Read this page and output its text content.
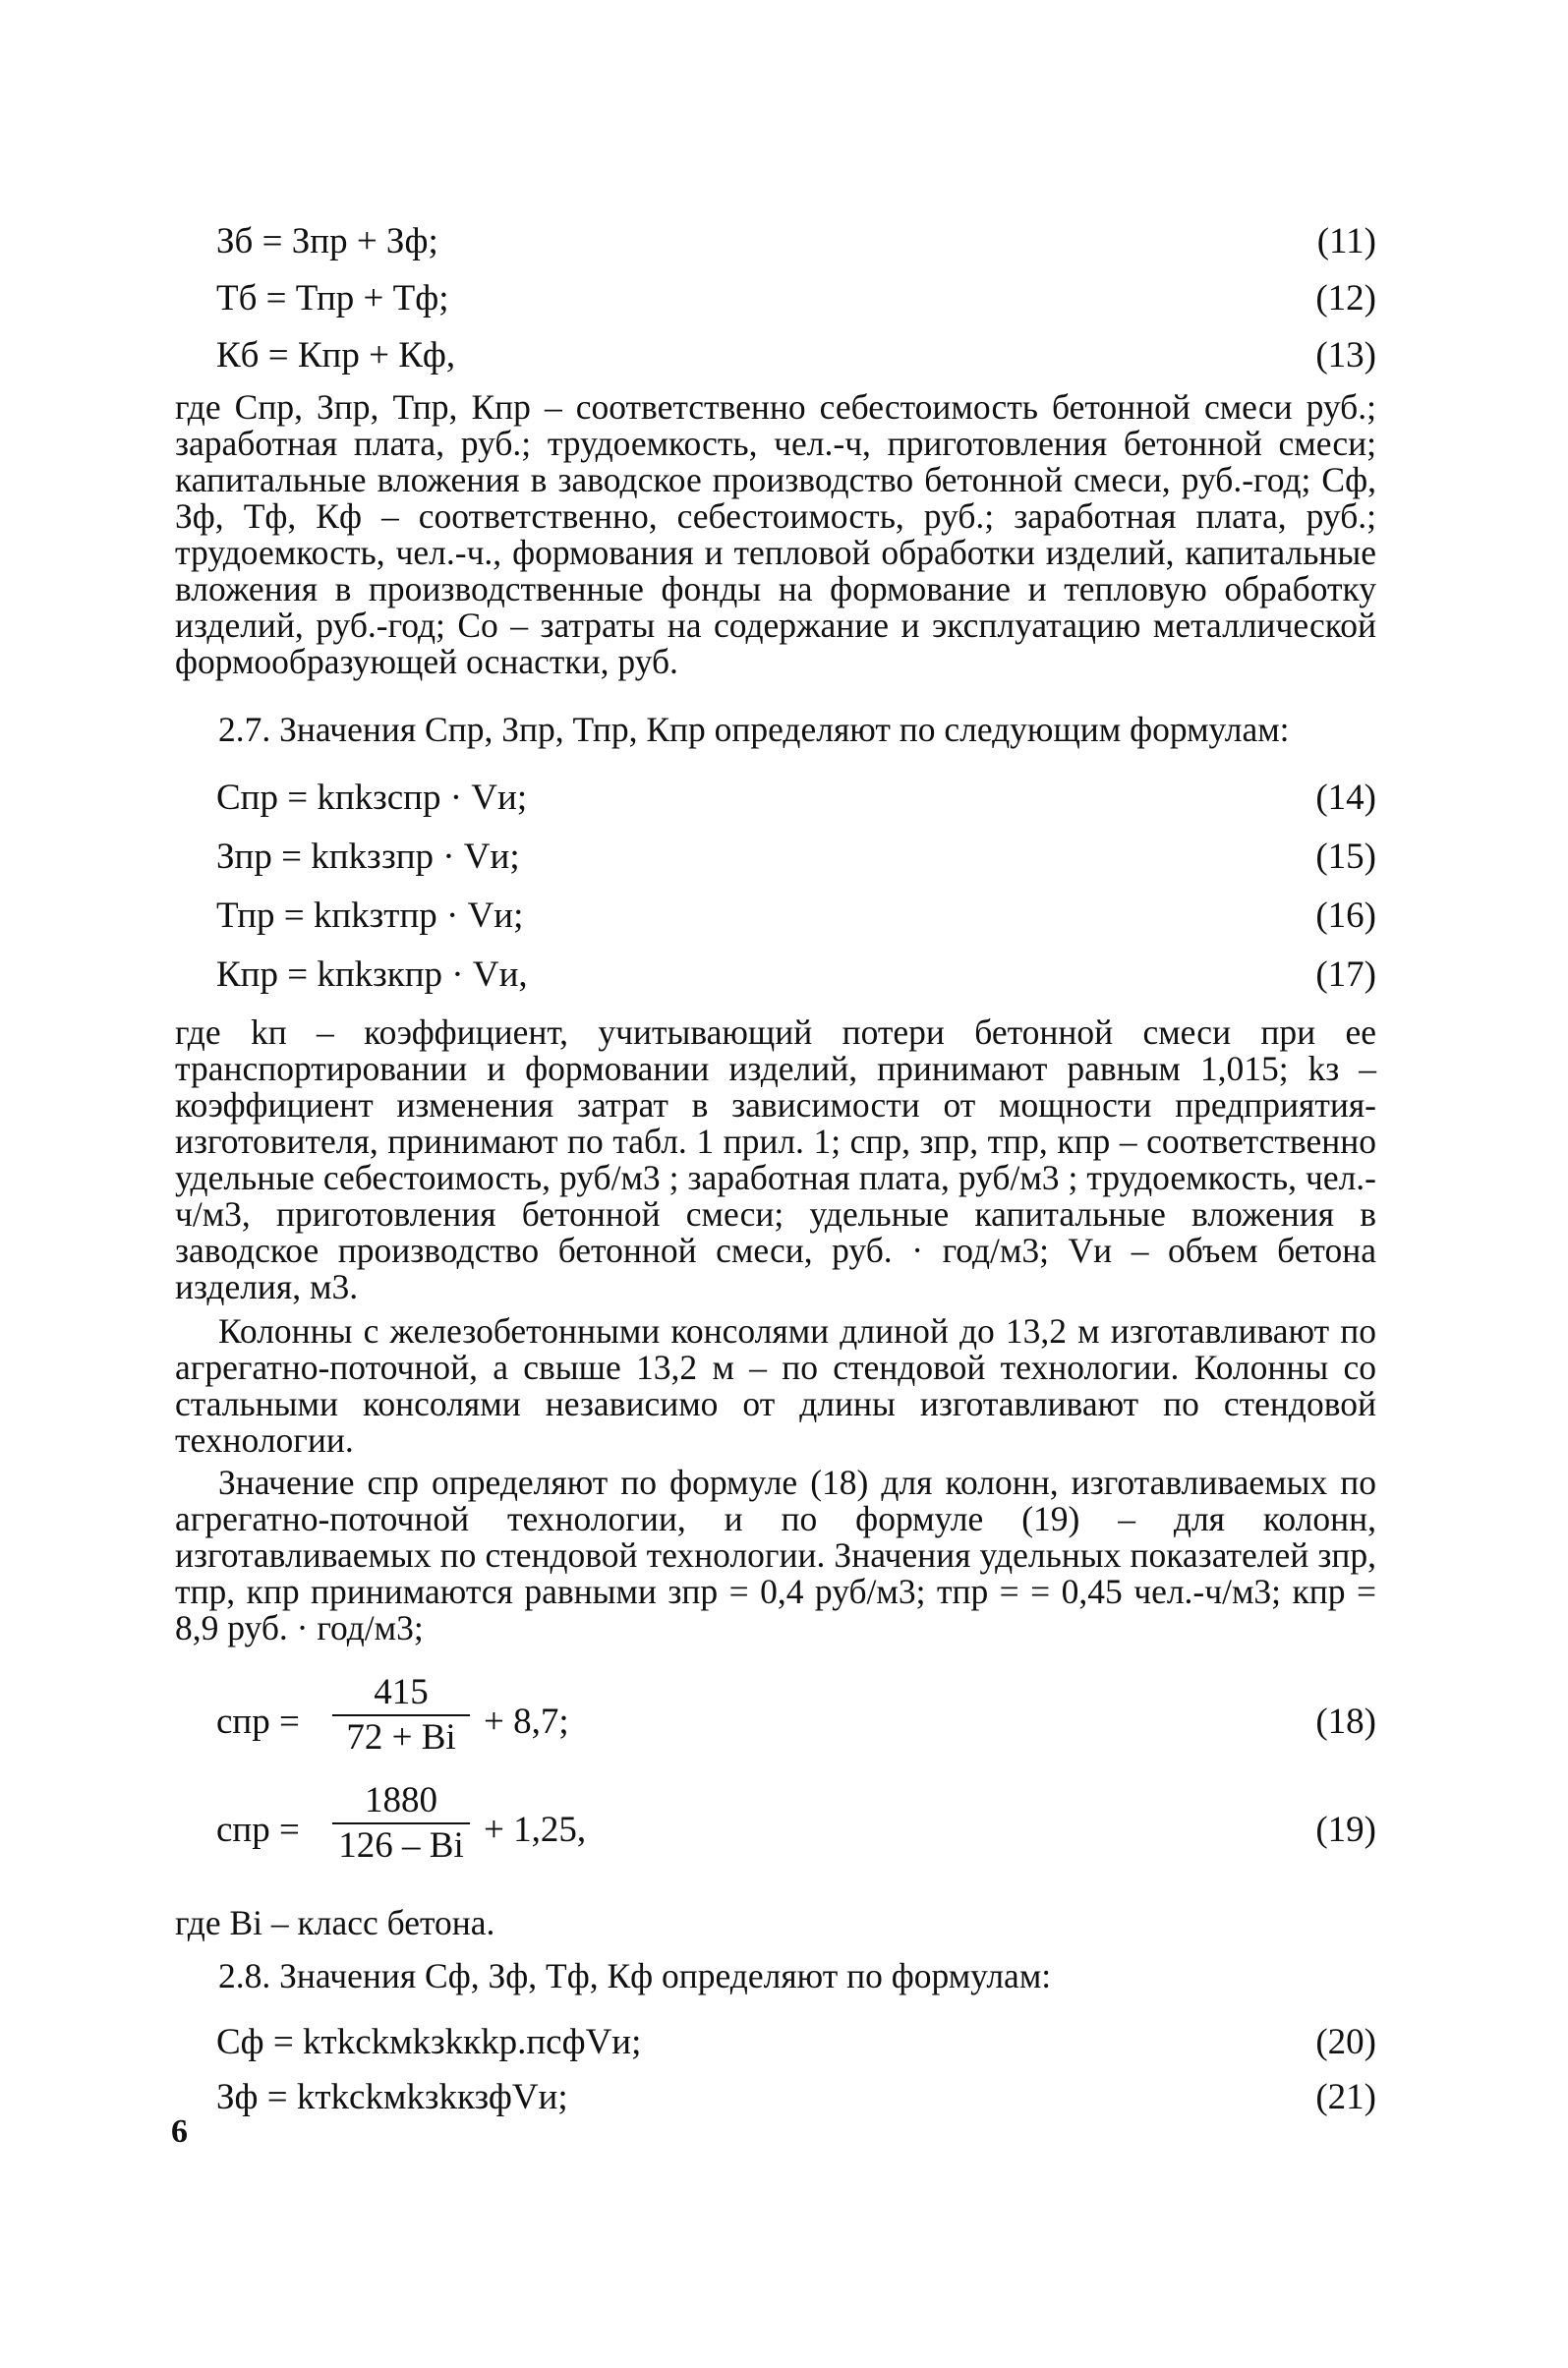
Зб = Зпр + Зф;	(11)
Тб = Тпр + Тф;	(12)
Кб = Кпр + Кф,	(13)

где Спр, Зпр, Тпр, Кпр – соответственно себестоимость бетонной смеси руб.; заработная плата, руб.; трудоемкость, чел.-ч, приготовления бетонной смеси; капитальные вложения в заводское производство бетонной смеси, руб.-год; Сф, Зф, Тф, Кф – соответственно, себестоимость, руб.; заработная плата, руб.; трудоемкость, чел.-ч., формования и тепловой обработки изделий, капитальные вложения в производственные фонды на формование и тепловую обработку изделий, руб.-год; Со – затраты на содержание и эксплуатацию металлической формообразующей оснастки, руб.

2.7. Значения Спр, Зпр, Тпр, Кпр определяют по следующим формулам:

Спр = kпkзспр · Vи;	(14)
Зпр = kпkззпр · Vи;	(15)
Тпр = kпkзтпр · Vи;	(16)
Кпр = kпkзкпр · Vи,	(17)

где kп – коэффициент, учитывающий потери бетонной смеси при ее транспортировании и формовании изделий, принимают равным 1,015; kз – коэффициент изменения затрат в зависимости от мощности предприятия-изготовителя, принимают по табл. 1 прил. 1; спр, зпр, тпр, кпр – соответственно удельные себестоимость, руб/м3 ; заработная плата, руб/м3 ; трудоемкость, чел.-ч/м3, приготовления бетонной смеси; удельные капитальные вложения в заводское производство бетонной смеси, руб. · год/м3; Vи – объем бетона изделия, м3.

Колонны с железобетонными консолями длиной до 13,2 м изготавливают по агрегатно-поточной, а свыше 13,2 м – по стендовой технологии. Колонны со стальными консолями независимо от длины изготавливают по стендовой технологии.

Значение спр определяют по формуле (18) для колонн, изготавливаемых по агрегатно-поточной технологии, и по формуле (19) – для колонн, изготавливаемых по стендовой технологии. Значения удельных показателей зпр, тпр, кпр принимаются равными зпр = 0,4 руб/м3; тпр = = 0,45 чел.-ч/м3; кпр = 8,9 руб. · год/м3;

спр = $\frac{415}{72 + Bi} + 8,7$;	(18)
спр = $\frac{1880}{126 - Bi} + 1,25$,	(19)

где Bi – класс бетона.

2.8. Значения Сф, Зф, Тф, Кф определяют по формулам:

Сф = kтkсkмkзkкkр.пcфVи;	(20)
Зф = kтkсkмkзkкзфVи;	(21)
6
